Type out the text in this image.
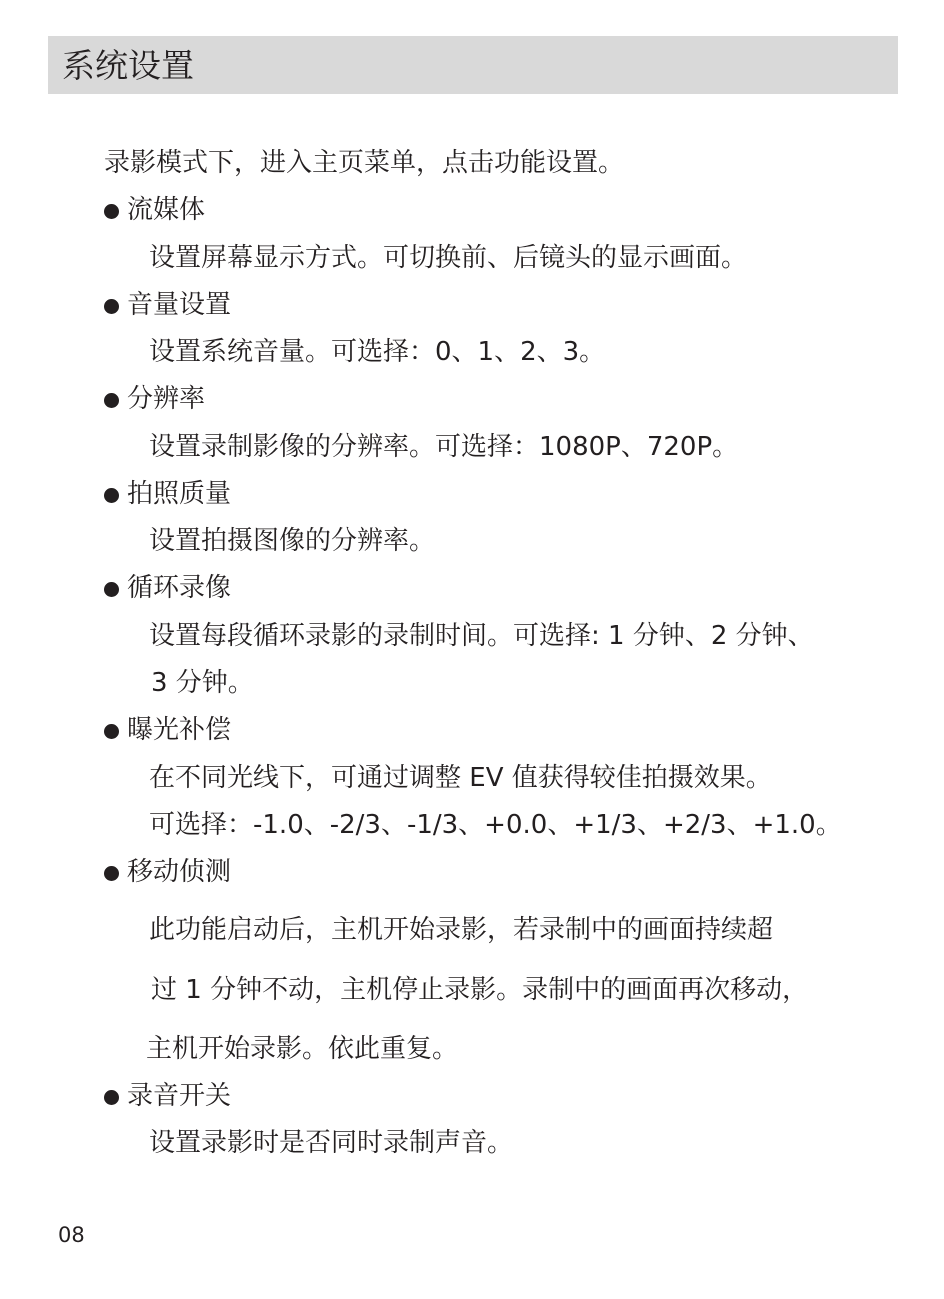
系统设置
录影模式下，进入主页菜单，点击功能设置。
流媒体
设置屏幕显示方式。可切换前、后镜头的显示画面。
音量设置
设置系统音量。可选择：0、1、2、3。
分辨率
设置录制影像的分辨率。可选择：1080P、720P。
拍照质量
设置拍摄图像的分辨率。
循环录像
设置每段循环录影的录制时间。可选择: 1 分钟、2 分钟、
3 分钟。
曝光补偿
在不同光线下，可通过调整 EV 值获得较佳拍摄效果。
可选择：-1.0、-2/3、-1/3、+0.0、+1/3、+2/3、+1.0。
移动侦测
此功能启动后，主机开始录影，若录制中的画面持续超
过 1 分钟不动，主机停止录影。录制中的画面再次移动，
主机开始录影。依此重复。
录音开关
设置录影时是否同时录制声音。
08
